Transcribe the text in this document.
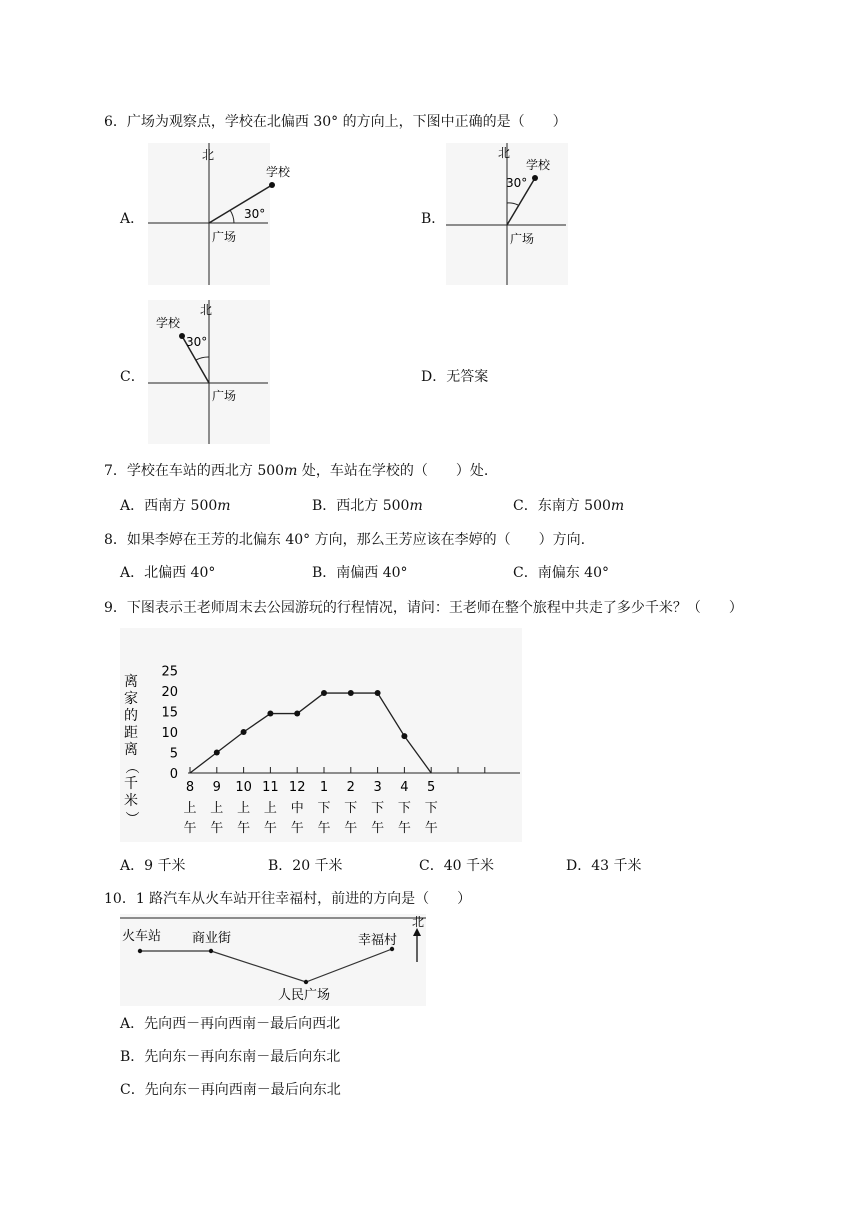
6．广场为观察点，学校在北偏西 30° 的方向上，下图中正确的是（　　）
A．
北
学校
30°
广场
B．
北
学校
30°
广场
C．
北
学校
30°
广场
D．无答案
7．学校在车站的西北方 500m 处，车站在学校的（　　）处.
A．西南方 500m	B．西北方 500m	C．东南方 500m
8．如果李婷在王芳的北偏东 40° 方向，那么王芳应该在李婷的（　　）方向.
A．北偏西 40°	B．南偏西 40°	C．南偏东 40°
9．下图表示王老师周末去公园游玩的行程情况，请问：王老师在整个旅程中共走了多少千米？（　　）
离
家
的
距
离
（
千
米
）
0
5
10
15
20
25
8
上
午
9
上
午
10
上
午
11
上
午
12
中
午
1
下
午
2
下
午
3
下
午
4
下
午
5
下
午
A．9 千米	B．20 千米	C．40 千米	D．43 千米
10．1 路汽车从火车站开往幸福村，前进的方向是（　　）
火车站 商业街
人民广场
幸福村
北
A．先向西－再向西南－最后向西北
B．先向东－再向东南－最后向东北
C．先向东－再向西南－最后向东北
